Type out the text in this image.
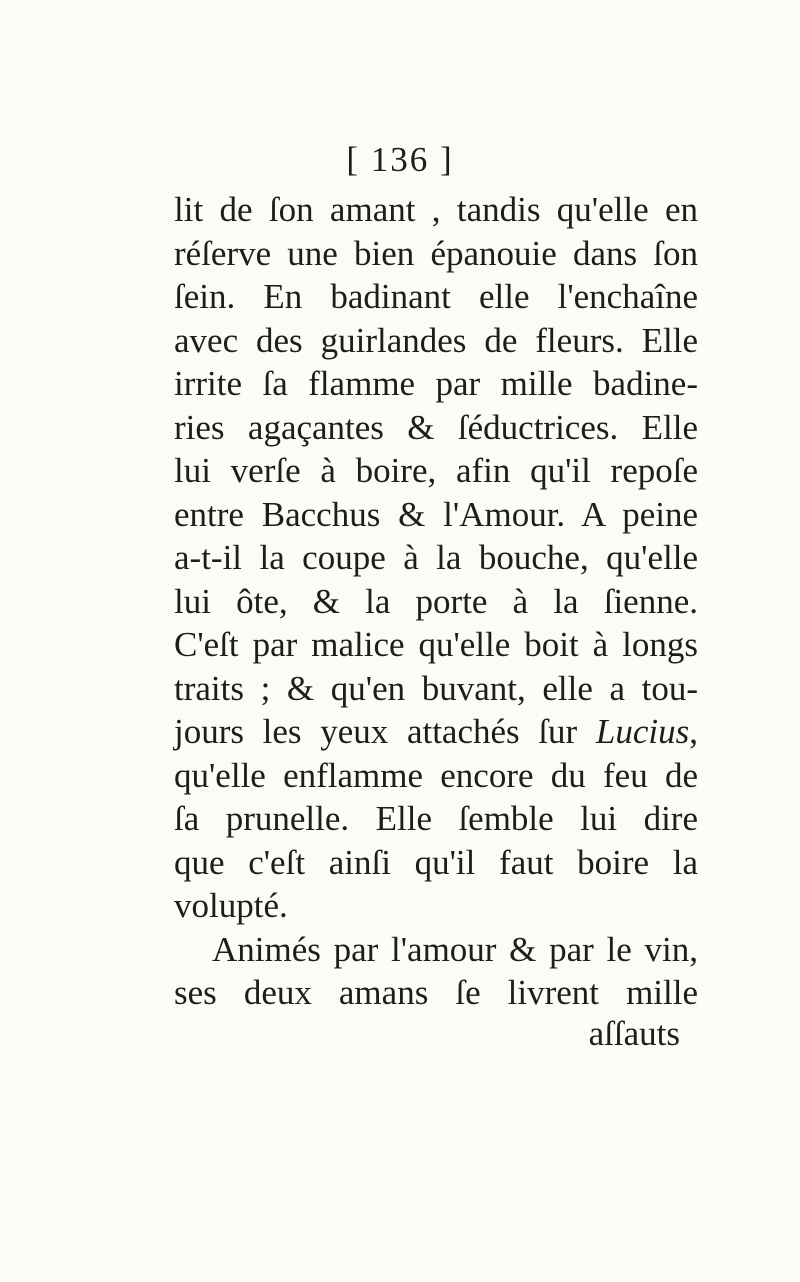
[ 136 ]
lit de ſon amant , tandis qu'elle en
réſerve une bien épanouie dans ſon
ſein. En badinant elle l'enchaîne
avec des guirlandes de fleurs. Elle
irrite ſa flamme par mille badine-
ries agaçantes & ſéductrices. Elle
lui verſe à boire, afin qu'il repoſe
entre Bacchus & l'Amour. A peine
a-t-il la coupe à la bouche, qu'elle
lui ôte, & la porte à la ſienne.
C'eſt par malice qu'elle boit à longs
traits ; & qu'en buvant, elle a tou-
jours les yeux attachés ſur Lucius,
qu'elle enflamme encore du feu de
ſa prunelle. Elle ſemble lui dire
que c'eſt ainſi qu'il faut boire la
volupté.
Animés par l'amour & par le vin,
ses deux amans ſe livrent mille
aſſauts
